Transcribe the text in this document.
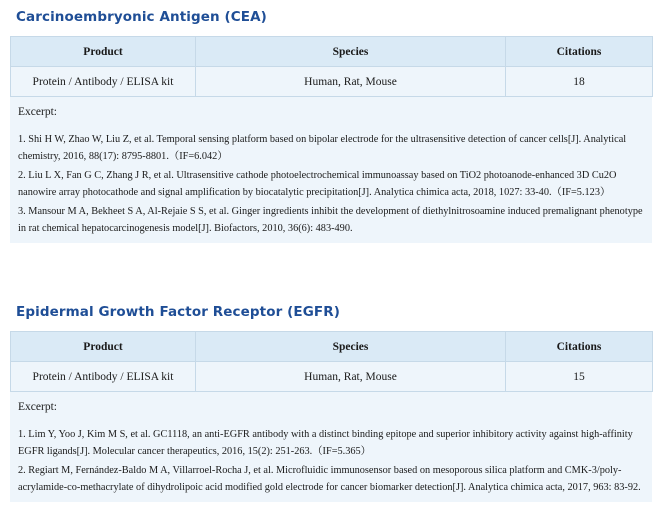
Carcinoembryonic Antigen (CEA)
Product	Species	Citations
Protein / Antibody / ELISA kit	Human, Rat, Mouse	18
Excerpt:
1. Shi H W, Zhao W, Liu Z, et al. Temporal sensing platform based on bipolar electrode for the ultrasensitive detection of cancer cells[J]. Analytical chemistry, 2016, 88(17): 8795-8801.（IF=6.042）
2. Liu L X, Fan G C, Zhang J R, et al. Ultrasensitive cathode photoelectrochemical immunoassay based on TiO2 photoanode-enhanced 3D Cu2O nanowire array photocathode and signal amplification by biocatalytic precipitation[J]. Analytica chimica acta, 2018, 1027: 33-40.（IF=5.123）
3. Mansour M A, Bekheet S A, Al‐Rejaie S S, et al. Ginger ingredients inhibit the development of diethylnitrosoamine induced premalignant phenotype in rat chemical hepatocarcinogenesis model[J]. Biofactors, 2010, 36(6): 483-490.
Epidermal Growth Factor Receptor (EGFR)
Product	Species	Citations
Protein / Antibody / ELISA kit	Human, Rat, Mouse	15
Excerpt:
1. Lim Y, Yoo J, Kim M S, et al. GC1118, an anti-EGFR antibody with a distinct binding epitope and superior inhibitory activity against high-affinity EGFR ligands[J]. Molecular cancer therapeutics, 2016, 15(2): 251-263.（IF=5.365）
2. Regiart M, Fernández-Baldo M A, Villarroel-Rocha J, et al. Microfluidic immunosensor based on mesoporous silica platform and CMK-3/poly-acrylamide-co-methacrylate of dihydrolipoic acid modified gold electrode for cancer biomarker detection[J]. Analytica chimica acta, 2017, 963: 83-92.
